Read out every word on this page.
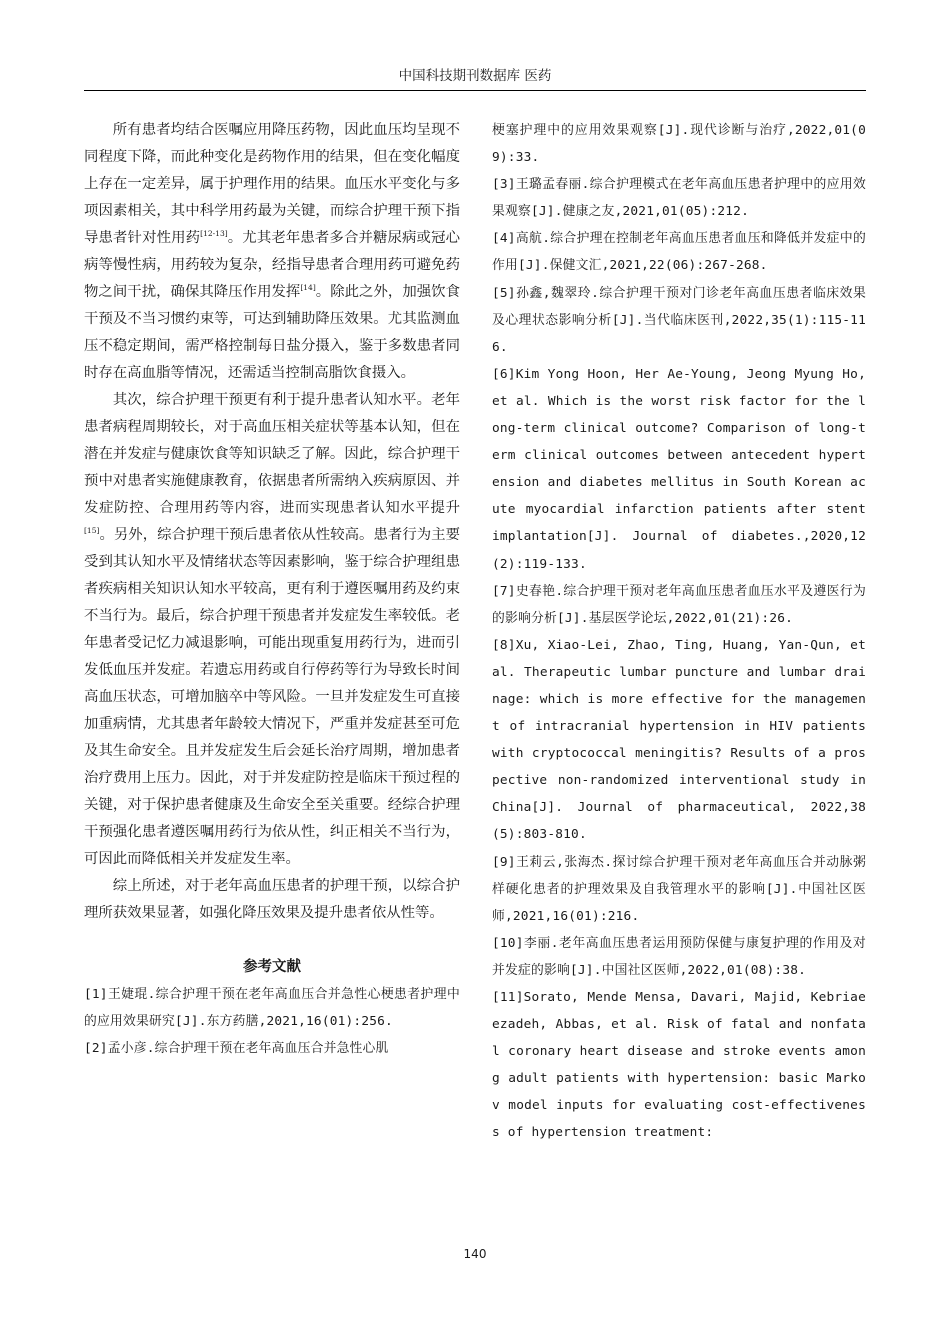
中国科技期刊数据库 医药

所有患者均结合医嘱应用降压药物，因此血压均呈现不同程度下降，而此种变化是药物作用的结果，但在变化幅度上存在一定差异，属于护理作用的结果。血压水平变化与多项因素相关，其中科学用药最为关键，而综合护理干预下指导患者针对性用药[12-13]。尤其老年患者多合并糖尿病或冠心病等慢性病，用药较为复杂，经指导患者合理用药可避免药物之间干扰，确保其降压作用发挥[14]。除此之外，加强饮食干预及不当习惯约束等，可达到辅助降压效果。尤其监测血压不稳定期间，需严格控制每日盐分摄入，鉴于多数患者同时存在高血脂等情况，还需适当控制高脂饮食摄入。

其次，综合护理干预更有利于提升患者认知水平。老年患者病程周期较长，对于高血压相关症状等基本认知，但在潜在并发症与健康饮食等知识缺乏了解。因此，综合护理干预中对患者实施健康教育，依据患者所需纳入疾病原因、并发症防控、合理用药等内容，进而实现患者认知水平提升[15]。另外，综合护理干预后患者依从性较高。患者行为主要受到其认知水平及情绪状态等因素影响，鉴于综合护理组患者疾病相关知识认知水平较高，更有利于遵医嘱用药及约束不当行为。最后，综合护理干预患者并发症发生率较低。老年患者受记忆力减退影响，可能出现重复用药行为，进而引发低血压并发症。若遗忘用药或自行停药等行为导致长时间高血压状态，可增加脑卒中等风险。一旦并发症发生可直接加重病情，尤其患者年龄较大情况下，严重并发症甚至可危及其生命安全。且并发症发生后会延长治疗周期，增加患者治疗费用上压力。因此，对于并发症防控是临床干预过程的关键，对于保护患者健康及生命安全至关重要。经综合护理干预强化患者遵医嘱用药行为依从性，纠正相关不当行为，可因此而降低相关并发症发生率。

综上所述，对于老年高血压患者的护理干预，以综合护理所获效果显著，如强化降压效果及提升患者依从性等。

参考文献

[1]王婕琨.综合护理干预在老年高血压合并急性心梗患者护理中的应用效果研究[J].东方药膳,2021,16(01):256.

[2]孟小彦.综合护理干预在老年高血压合并急性心肌

梗塞护理中的应用效果观察[J].现代诊断与治疗,2022,01(09):33.

[3]王璐孟春丽.综合护理模式在老年高血压患者护理中的应用效果观察[J].健康之友,2021,01(05):212.

[4]高航.综合护理在控制老年高血压患者血压和降低并发症中的作用[J].保健文汇,2021,22(06):267-268.

[5]孙鑫,魏翠玲.综合护理干预对门诊老年高血压患者临床效果及心理状态影响分析[J].当代临床医刊,2022,35(1):115-116.

[6]Kim Yong Hoon, Her Ae‑Young, Jeong Myung Ho, et al. Which is the worst risk factor for the long‑term clinical outcome? Comparison of long‑term clinical outcomes between antecedent hypertension and diabetes mellitus in South Korean acute myocardial infarction patients after stent implantation[J]. Journal of diabetes.,2020,12(2):119-133.

[7]史春艳.综合护理干预对老年高血压患者血压水平及遵医行为的影响分析[J].基层医学论坛,2022,01(21):26.

[8]Xu, Xiao-Lei, Zhao, Ting, Huang, Yan-Qun, et al. Therapeutic lumbar puncture and lumbar drainage: which is more effective for the management of intracranial hypertension in HIV patients with cryptococcal meningitis? Results of a prospective non-randomized interventional study in China[J]. Journal of pharmaceutical, 2022,38(5):803-810.

[9]王莉云,张海杰.探讨综合护理干预对老年高血压合并动脉粥样硬化患者的护理效果及自我管理水平的影响[J].中国社区医师,2021,16(01):216.

[10]李丽.老年高血压患者运用预防保健与康复护理的作用及对并发症的影响[J].中国社区医师,2022,01(08):38.

[11]Sorato, Mende Mensa, Davari, Majid, Kebriaeezadeh, Abbas, et al. Risk of fatal and nonfatal coronary heart disease and stroke events among adult patients with hypertension: basic Markov model inputs for evaluating cost-effectiveness of hypertension treatment:

140
